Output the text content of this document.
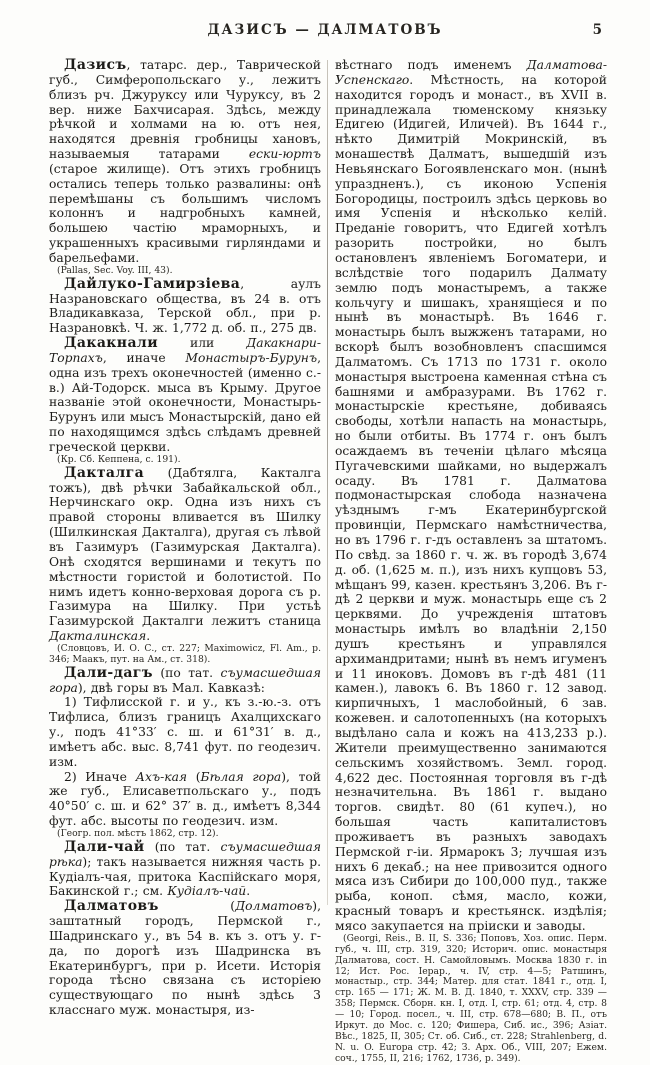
ДАЗИСЪ — ДАЛМАТОВЪ	5

Дазисъ, татарс. дер., Таврической губ., Симферопольскаго у., лежитъ близъ рч. Джуруксу или Чуруксу, въ 2 вер. ниже Бахчисарая. Здѣсь, между рѣчкой и холмами на ю. отъ нея, находятся древнія гробницы хановъ, называемыя татарами ески-юртъ (старое жилище). Отъ этихъ гробницъ остались теперь только развалины: онѣ перемѣшаны съ большимъ числомъ колоннъ и надгробныхъ камней, большею частію мраморныхъ, и украшенныхъ красивыми гирляндами и барельефами.

(Pallas, Sec. Voy. III, 43).

Дайлуко-Гамирзіева, аулъ Назрановскаго общества, въ 24 в. отъ Владикавказа, Терской обл., при р. Назрановкѣ. Ч. ж. 1,772 д. об. п., 275 дв.

Дакакнали или Дакакнари-Торпахъ, иначе Монастыръ-Бурунъ, одна изъ трехъ оконечностей (именно с.-в.) Ай-Тодорск. мыса въ Крыму. Другое названіе этой оконечности, Монастырь-Бурунъ или мысъ Монастырскій, дано ей по находящимся здѣсь слѣдамъ древней греческой церкви.

(Кр. Сб. Кеппена, с. 191).

Дакталга (Дабтялга, Какталга тожъ), двѣ рѣчки Забайкальской обл., Нерчинскаго окр. Одна изъ нихъ съ правой стороны вливается въ Шилку (Шилкинская Дакталга), другая съ лѣвой въ Газимуръ (Газимурская Дакталга). Онѣ сходятся вершинами и текутъ по мѣстности гористой и болотистой. По нимъ идетъ конно-верховая дорога съ р. Газимура на Шилку. При устьѣ Газимурской Дакталги лежитъ станица Дакталинская.

(Словцовъ, И. О. С., ст. 227; Maximowicz, Fl. Am., p. 346; Маакъ, пут. на Ам., ст. 318).

Дали-дагъ (по тат. съумасшедшая гора), двѣ горы въ Мал. Кавказѣ:

1) Тифлисской г. и у., къ з.-ю.-з. отъ Тифлиса, близъ границъ Ахалцихскаго у., подъ 41°33′ с. ш. и 61°31′ в. д., имѣетъ абс. выс. 8,741 фут. по геодезич. изм.

2) Иначе Ахъ-кая (Бѣлая гора), той же губ., Елисаветпольскаго у., подъ 40°50′ с. ш. и 62° 37′ в. д., имѣетъ 8,344 фут. абс. высоты по геодезич. изм.

(Геогр. пол. мѣстъ 1862, стр. 12).

Дали-чай (по тат. съумасшедшая рѣка); такъ называется нижняя часть р. Кудіалъ-чая, притока Каспійскаго моря, Бакинской г.; см. Кудіалъ-чай.

Далматовъ (Долматовъ), заштатный городъ, Пермской г., Шадринскаго у., въ 54 в. къ з. отъ у. г-да, по дорогѣ изъ Шадринска въ Екатеринбургъ, при р. Исети. Исторія города тѣсно связана съ исторіею существующаго по нынѣ здѣсь 3 класснаго муж. монастыря, из-

вѣстнаго подъ именемъ Далматова-Успенскаго. Мѣстность, на которой находится городъ и монаст., въ XVII в. принадлежала тюменскому князьку Едигею (Идигей, Иличей). Въ 1644 г., нѣкто Димитрій Мокринскій, въ монашествѣ Далматъ, вышедшій изъ Невьянскаго Богоявленскаго мон. (нынѣ упраздненъ.), съ иконою Успенія Богородицы, построилъ здѣсь церковь во имя Успенія и нѣсколько келій. Преданіе говоритъ, что Едигей хотѣлъ разорить постройки, но былъ остановленъ явленіемъ Богоматери, и вслѣдствіе того подарилъ Далмату землю подъ монастыремъ, а также кольчугу и шишакъ, хранящіеся и по нынѣ въ монастырѣ. Въ 1646 г. монастырь былъ выжженъ татарами, но вскорѣ былъ возобновленъ спасшимся Далматомъ. Съ 1713 по 1731 г. около монастыря выстроена каменная стѣна съ башнями и амбразурами. Въ 1762 г. монастырскіе крестьяне, добиваясь свободы, хотѣли напасть на монастырь, но были отбиты. Въ 1774 г. онъ былъ осаждаемъ въ теченіи цѣлаго мѣсяца Пугачевскими шайками, но выдержалъ осаду. Въ 1781 г. Далматова подмонастырская слобода назначена уѣзднымъ г-мъ Екатеринбургской провинціи, Пермскаго намѣстничества, но въ 1796 г. г-дъ оставленъ за штатомъ. По свѣд. за 1860 г. ч. ж. въ городѣ 3,674 д. об. (1,625 м. п.), изъ нихъ купцовъ 53, мѣщанъ 99, казен. крестьянъ 3,206. Въ г-дѣ 2 церкви и муж. монастырь еще съ 2 церквями. До учрежденія штатовъ монастырь имѣлъ во владѣніи 2,150 душъ крестьянъ и управлялся архимандритами; нынѣ въ немъ игуменъ и 11 иноковъ. Домовъ въ г-дѣ 481 (11 камен.), лавокъ 6. Въ 1860 г. 12 завод. кирпичныхъ, 1 маслобойный, 6 зав. кожевен. и салотопенныхъ (на которыхъ выдѣлано сала и кожъ на 413,233 р.). Жители преимущественно занимаются сельскимъ хозяйствомъ. Земл. город. 4,622 дес. Постоянная торговля въ г-дѣ незначительна. Въ 1861 г. выдано торгов. свидѣт. 80 (61 купеч.), но большая часть капиталистовъ проживаетъ въ разныхъ заводахъ Пермской г-іи. Ярмарокъ 3; лучшая изъ нихъ 6 декаб.; на нее привозится одного мяса изъ Сибири до 100,000 пуд., также рыба, коноп. сѣмя, масло, кожи, красный товаръ и крестьянск. издѣлія; мясо закупается на пріиски и заводы.

(Georgi, Reis., B. II, S. 336; Поповъ, Хоз. опис. Перм. губ., ч. III, стр. 319, 320; Историч. опис. монастыря Далматова, сост. Н. Самойловымъ. Москва 1830 г. in 12; Ист. Рос. Іерар., ч. IV, стр. 4—5; Ратшинъ, монастыр., стр. 344; Матер. для стат. 1841 г., отд. I, стр. 165 — 171; Ж. М. В. Д. 1840, т. XXXV, стр. 339 — 358; Пермск. Сборн. кн. I, отд. I, стр. 61; отд. 4, стр. 8 — 10; Город. посел., ч. III, стр. 678—680; В. П., отъ Иркут. до Мос. с. 120; Фишера, Сиб. ис., 396; Азіат. Вѣс., 1825, II, 305; Ст. об. Сиб., ст. 228; Strahlenberg, d. N. u. O. Europa стр. 42; З. Арх. Об., VIII, 207; Ежем. соч., 1755, II, 216; 1762, 1736, p. 349).
